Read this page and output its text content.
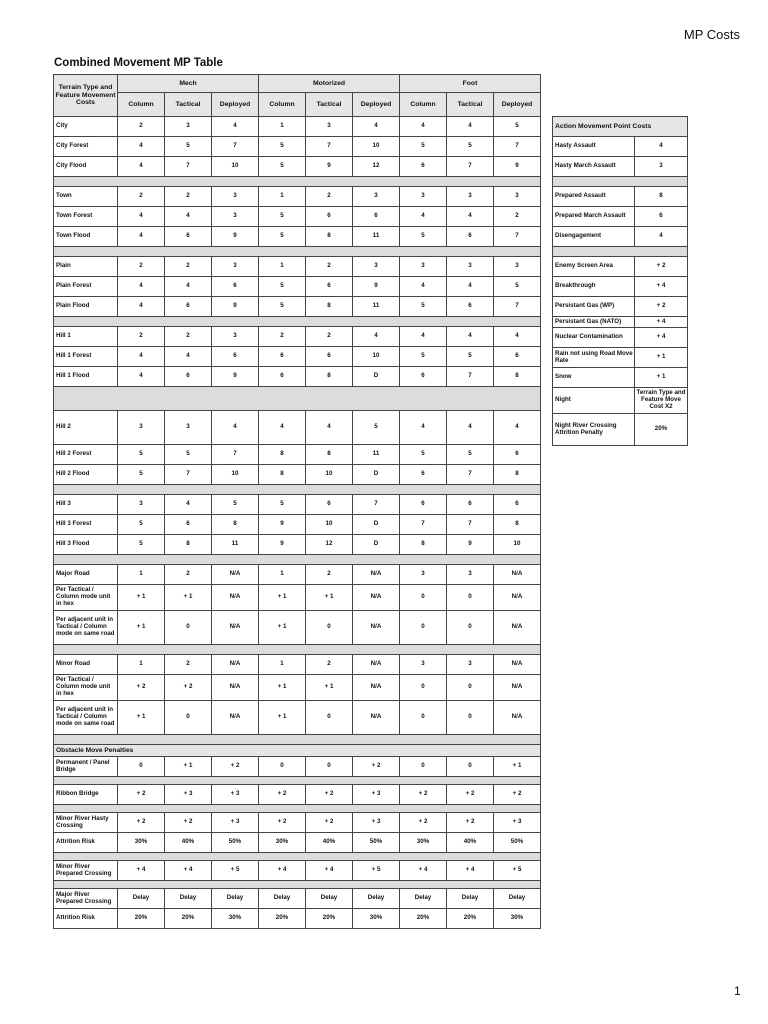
MP Costs
Combined Movement MP Table
Terrain Type and Feature Movement Costs	Mech			Motorized			Foot		
	Column	Tactical	Deployed	Column	Tactical	Deployed	Column	Tactical	Deployed
City	2	3	4	1	3	4	4	4	5
City Forest	4	5	7	5	7	10	5	5	7
City Flood	4	7	10	5	9	12	6	7	9

Town	2	2	3	1	2	3	3	3	3
Town Forest	4	4	3	5	6	6	4	4	2
Town Flood	4	6	9	5	8	11	5	6	7

Plain	2	2	3	1	2	3	3	3	3
Plain Forest	4	4	6	5	6	9	4	4	5
Plain Flood	4	6	9	5	8	11	5	6	7

Hill 1	2	2	3	2	2	4	4	4	4
Hill 1 Forest	4	4	6	6	6	10	5	5	6
Hill 1 Flood	4	6	9	6	8	D	6	7	8

Hill 2	3	3	4	4	4	5	4	4	4
Hill 2 Forest	5	5	7	8	8	11	5	5	6
Hill 2 Flood	5	7	10	8	10	D	6	7	8

Hill 3	3	4	5	5	6	7	6	6	6
Hill 3 Forest	5	6	8	9	10	D	7	7	8
Hill 3 Flood	5	8	11	9	12	D	8	9	10

Major Road	1	2	N/A	1	2	N/A	3	3	N/A
Per Tactical / Column mode unit in hex	+ 1	+ 1	N/A	+ 1	+ 1	N/A	0	0	N/A
Per adjacent unit in Tactical / Column mode on same road	+ 1	0	N/A	+ 1	0	N/A	0	0	N/A

Minor Road	1	2	N/A	1	2	N/A	3	3	N/A
Per Tactical / Column mode unit in hex	+ 2	+ 2	N/A	+ 1	+ 1	N/A	0	0	N/A
Per adjacent unit in Tactical / Column mode on same road	+ 1	0	N/A	+ 1	0	N/A	0	0	N/A

Obstacle Move Penalties									
Permanent / Panel Bridge	0	+ 1	+ 2	0	0	+ 2	0	0	+ 1

Ribbon Bridge	+ 2	+ 3	+ 3	+ 2	+ 2	+ 3	+ 2	+ 2	+ 2

Minor River Hasty Crossing	+ 2	+ 2	+ 3	+ 2	+ 2	+ 3	+ 2	+ 2	+ 3
Attrition Risk	30%	40%	50%	30%	40%	50%	30%	40%	50%

Minor River Prepared Crossing	+ 4	+ 4	+ 5	+ 4	+ 4	+ 5	+ 4	+ 4	+ 5

Major River Prepared Crossing	Delay	Delay	Delay	Delay	Delay	Delay	Delay	Delay	Delay
Attrition Risk	20%	20%	30%	20%	20%	30%	20%	20%	30%
Action Movement Point Costs	
Hasty Assault	4
Hasty March Assault	3

Prepared Assault	8
Prepared March Assault	6
Disengagement	4

Enemy Screen Area	+ 2
Breakthrough	+ 4
Persistant Gas (WP)	+ 2
Persistant Gas (NATO)	+ 4
Nuclear Contamination	+ 4
Rain not using Road Move Rate	+ 1
Snow	+ 1
Night	Terrain Type and Feature Move Cost X2
Night River Crossing Attrition Penalty	20%
1
